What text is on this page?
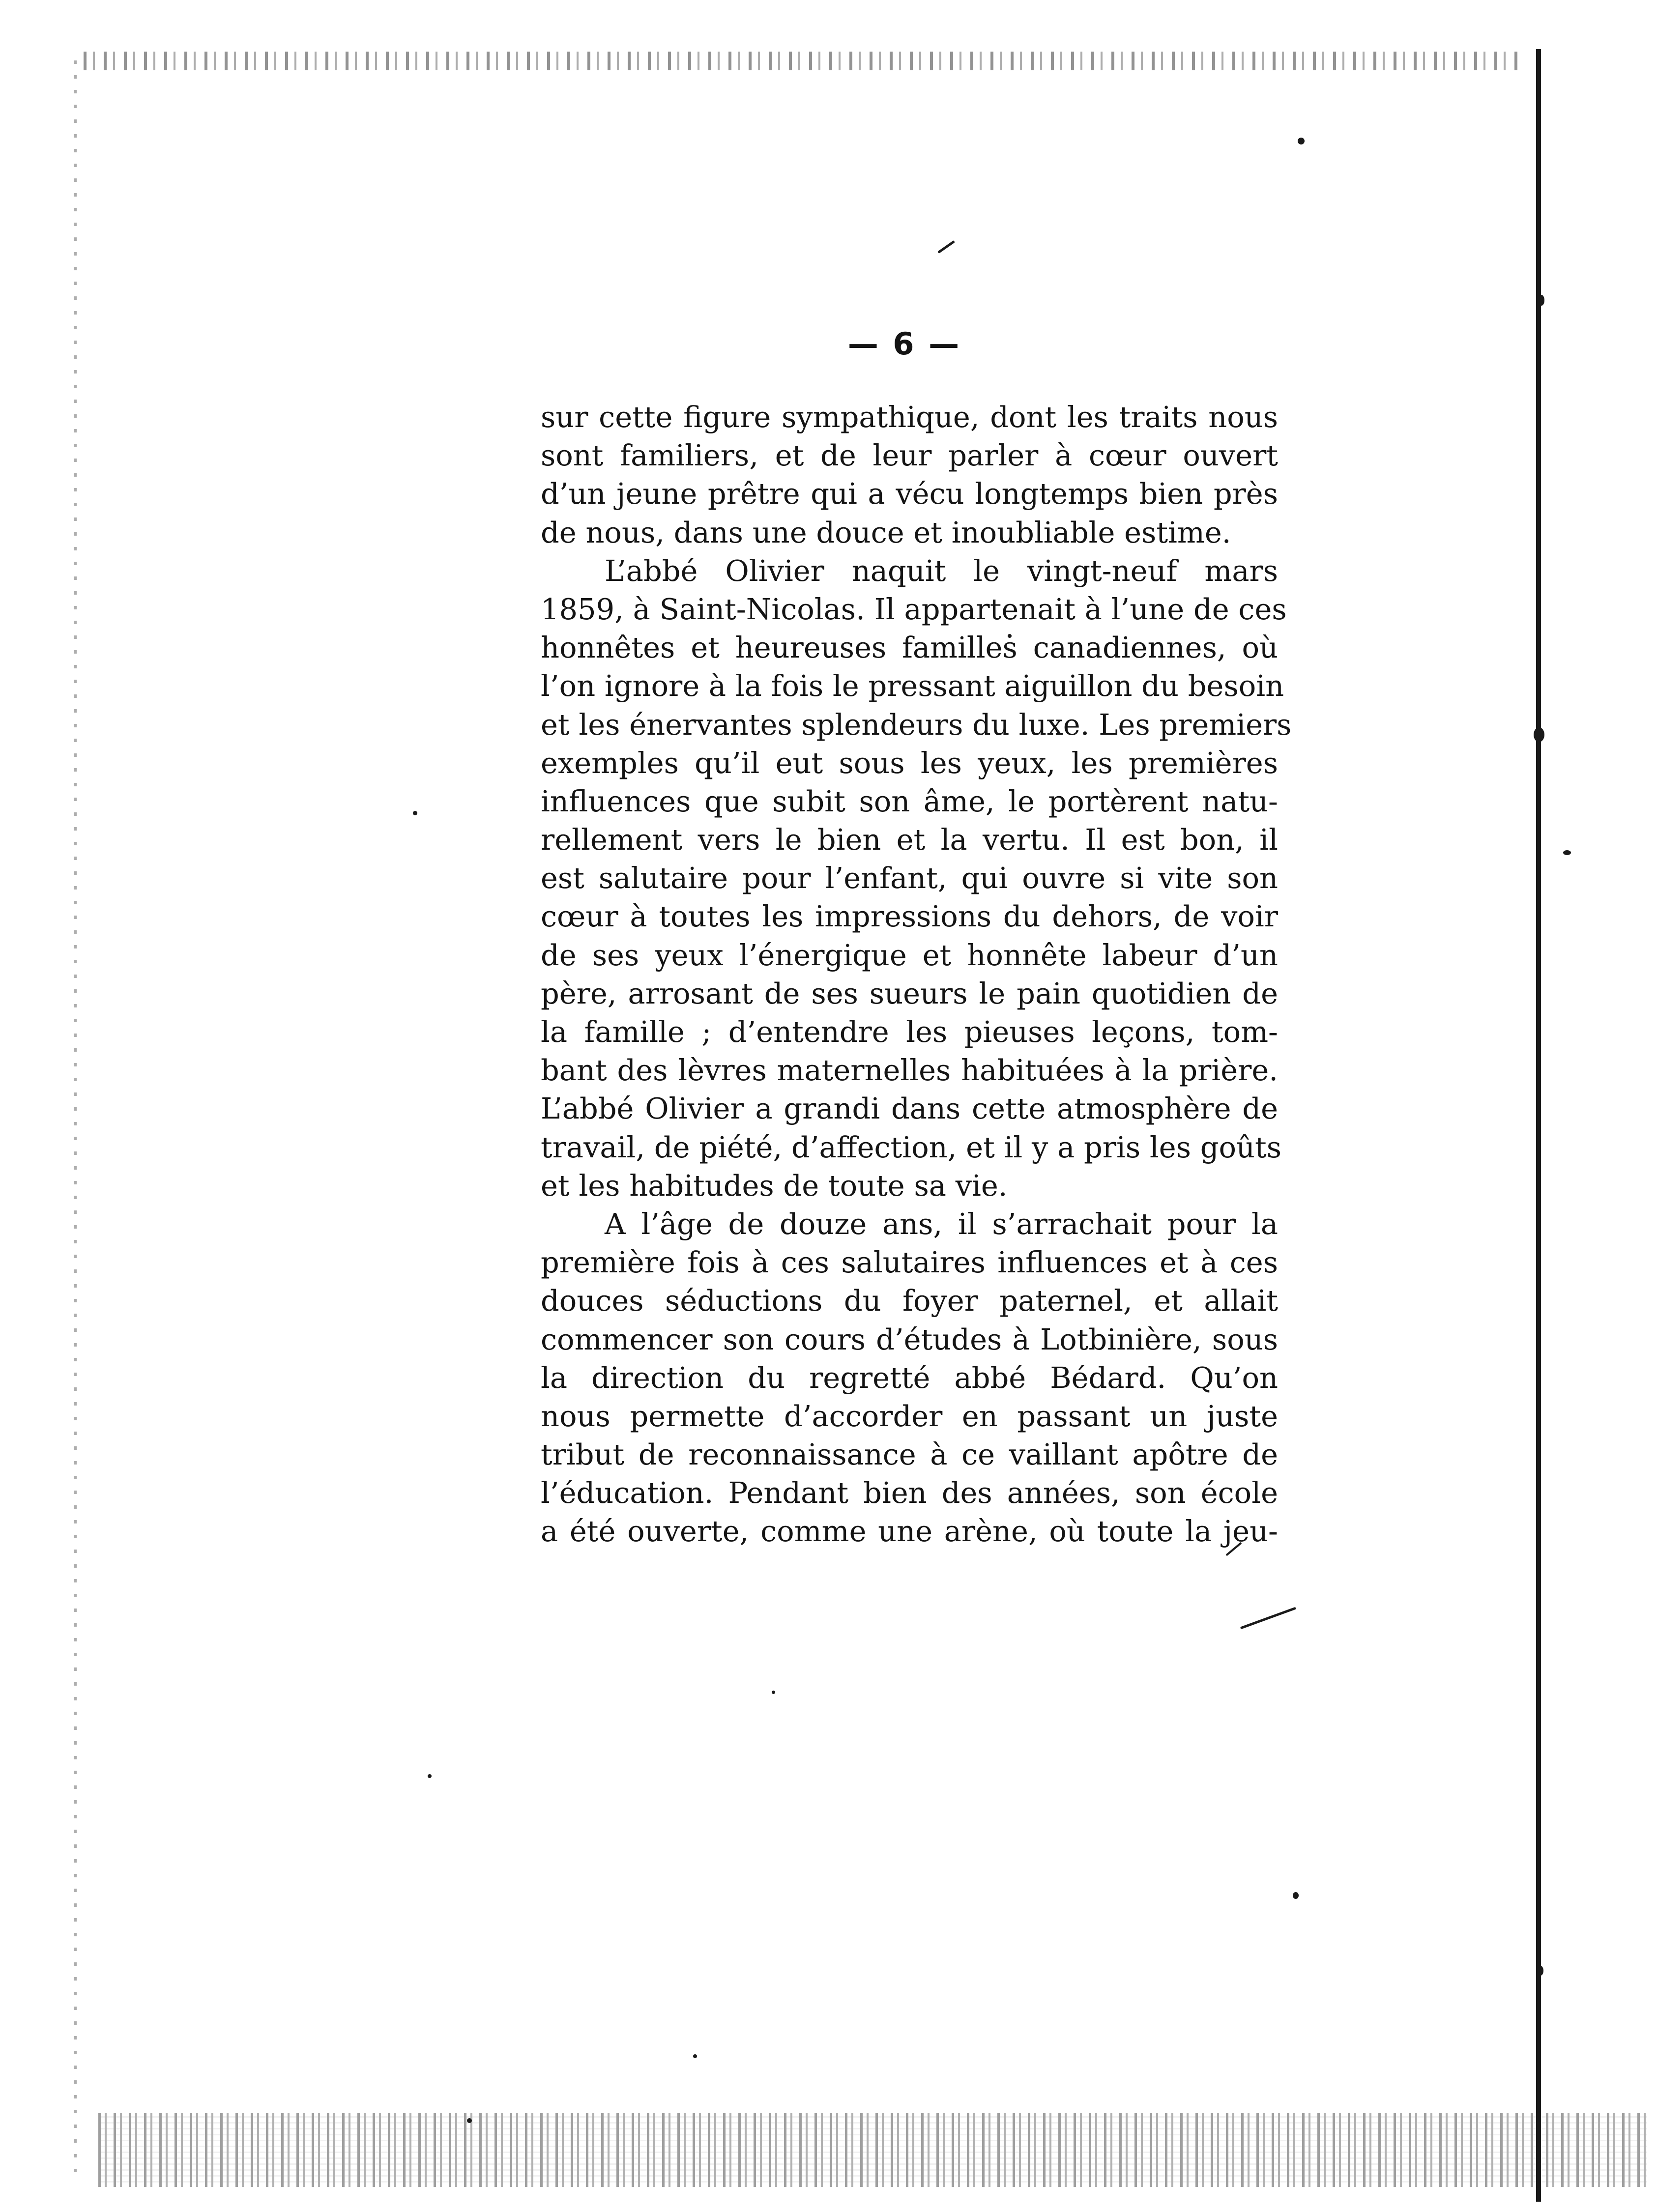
— 6 —
sur cette figure sympathique, dont les traits nous
sont familiers, et de leur parler à cœur ouvert
d’un jeune prêtre qui a vécu longtemps bien près
de nous, dans une douce et inoubliable estime.
L’abbé Olivier naquit le vingt-neuf mars
1859, à Saint-Nicolas. Il appartenait à l’une de ces
honnêtes et heureuses familles canadiennes, où
l’on ignore à la fois le pressant aiguillon du besoin
et les énervantes splendeurs du luxe. Les premiers
exemples qu’il eut sous les yeux, les premières
influences que subit son âme, le portèrent natu-
rellement vers le bien et la vertu. Il est bon, il
est salutaire pour l’enfant, qui ouvre si vite son
cœur à toutes les impressions du dehors, de voir
de ses yeux l’énergique et honnête labeur d’un
père, arrosant de ses sueurs le pain quotidien de
la famille ; d’entendre les pieuses leçons, tom-
bant des lèvres maternelles habituées à la prière.
L’abbé Olivier a grandi dans cette atmosphère de
travail, de piété, d’affection, et il y a pris les goûts
et les habitudes de toute sa vie.
A l’âge de douze ans, il s’arrachait pour la
première fois à ces salutaires influences et à ces
douces séductions du foyer paternel, et allait
commencer son cours d’études à Lotbinière, sous
la direction du regretté abbé Bédard. Qu’on
nous permette d’accorder en passant un juste
tribut de reconnaissance à ce vaillant apôtre de
l’éducation. Pendant bien des années, son école
a été ouverte, comme une arène, où toute la jeu-
